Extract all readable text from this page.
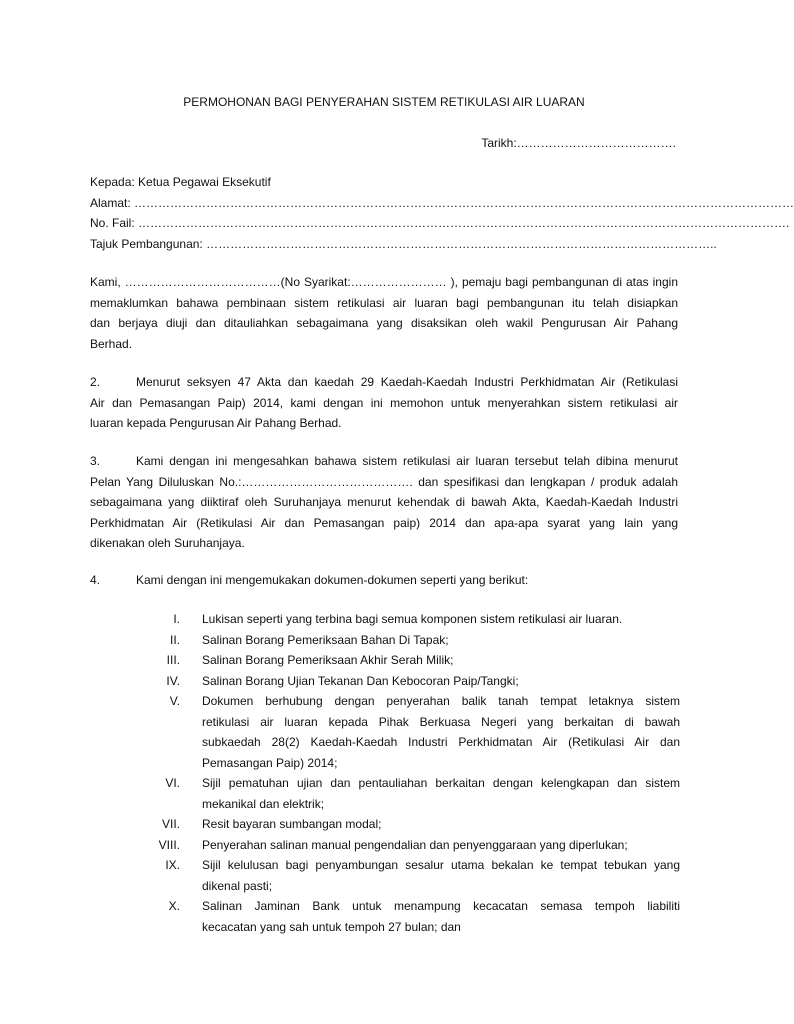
PERMOHONAN BAGI PENYERAHAN SISTEM RETIKULASI AIR LUARAN
Tarikh:………………………………….
Kepada: Ketua Pegawai Eksekutif
Alamat: …………………………………………………………………………………………………………………………………………………
No. Fail: ……………………………………………………………………………………………………………………………………………….
Tajuk Pembangunan: ………………………………………………………………………………………………………………..
Kami, …………………………………(No Syarikat:…………………… ), pemaju bagi pembangunan di atas ingin
memaklumkan bahawa pembinaan sistem retikulasi air luaran bagi pembangunan itu telah disiapkan
dan berjaya diuji dan ditauliahkan sebagaimana yang disaksikan oleh wakil Pengurusan Air Pahang
Berhad.
2.	Menurut seksyen 47 Akta dan kaedah 29 Kaedah-Kaedah Industri Perkhidmatan Air (Retikulasi
Air dan Pemasangan Paip) 2014, kami dengan ini memohon untuk menyerahkan sistem retikulasi air
luaran kepada Pengurusan Air Pahang Berhad.
3.	Kami dengan ini mengesahkan bahawa sistem retikulasi air luaran tersebut telah dibina menurut
Pelan Yang Diluluskan No.:……………………………………. dan spesifikasi dan lengkapan / produk adalah
sebagaimana yang diiktiraf oleh Suruhanjaya menurut kehendak di bawah Akta, Kaedah-Kaedah Industri
Perkhidmatan Air (Retikulasi Air dan Pemasangan paip) 2014 dan apa-apa syarat yang lain yang
dikenakan oleh Suruhanjaya.
4.	Kami dengan ini mengemukakan dokumen-dokumen seperti yang berikut:
I.	Lukisan seperti yang terbina bagi semua komponen sistem retikulasi air luaran.
II.	Salinan Borang Pemeriksaan Bahan Di Tapak;
III.	Salinan Borang Pemeriksaan Akhir Serah Milik;
IV.	Salinan Borang Ujian Tekanan Dan Kebocoran Paip/Tangki;
V.	Dokumen berhubung dengan penyerahan balik tanah tempat letaknya sistem
retikulasi air luaran kepada Pihak Berkuasa Negeri yang berkaitan di bawah
subkaedah 28(2) Kaedah-Kaedah Industri Perkhidmatan Air (Retikulasi Air dan
Pemasangan Paip) 2014;
VI.	Sijil pematuhan ujian dan pentauliahan berkaitan dengan kelengkapan dan sistem
mekanikal dan elektrik;
VII.	Resit bayaran sumbangan modal;
VIII.	Penyerahan salinan manual pengendalian dan penyenggaraan yang diperlukan;
IX.	Sijil kelulusan bagi penyambungan sesalur utama bekalan ke tempat tebukan yang
dikenal pasti;
X.	Salinan Jaminan Bank untuk menampung kecacatan semasa tempoh liabiliti
kecacatan yang sah untuk tempoh 27 bulan; dan
